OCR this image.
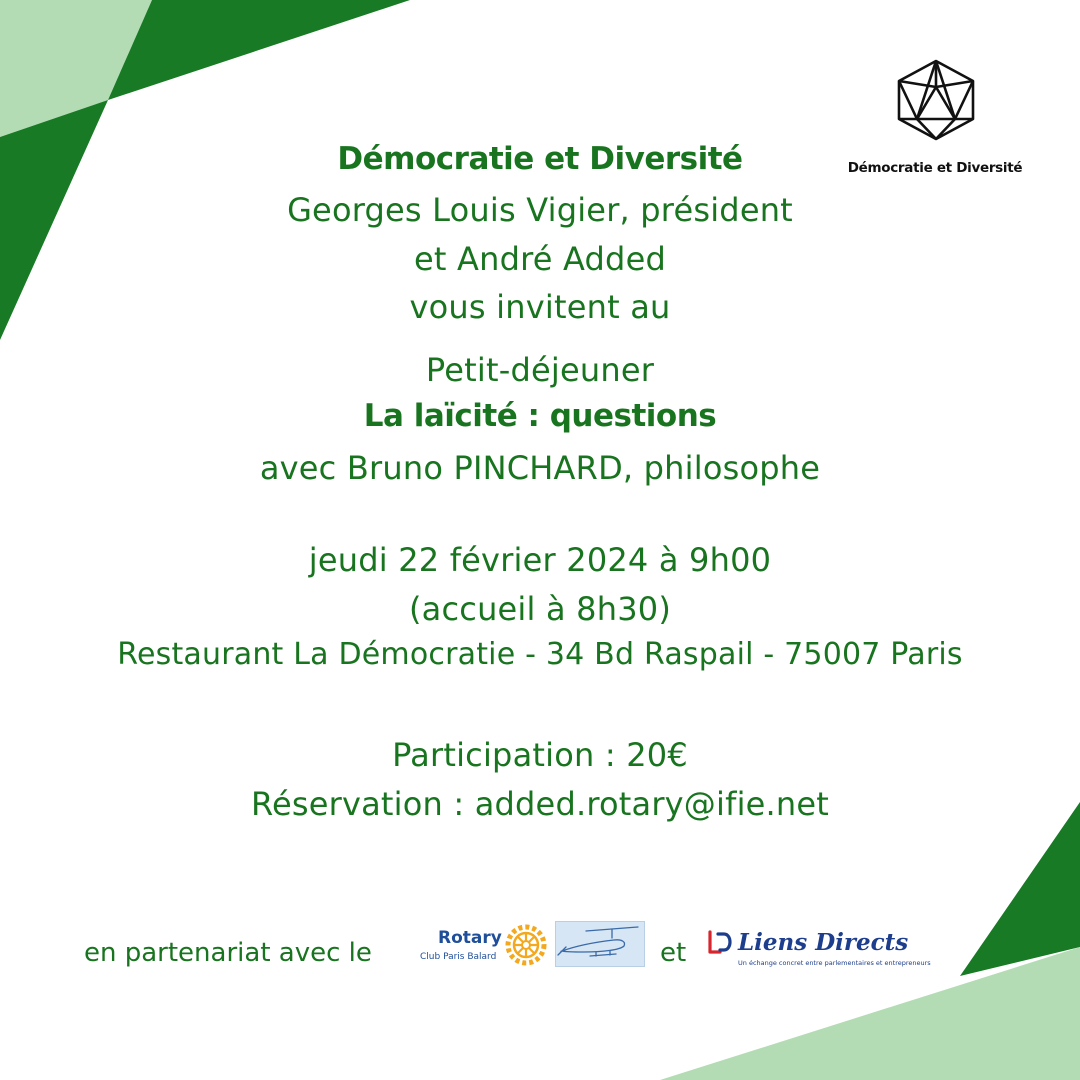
Démocratie et Diversité
Démocratie et Diversité
Georges Louis Vigier, président
et André Added
vous invitent au
Petit-déjeuner
La laïcité : questions
avec Bruno PINCHARD, philosophe
jeudi 22 février 2024 à 9h00
(accueil à 8h30)
Restaurant La Démocratie - 34 Bd Raspail - 75007 Paris
Participation : 20€
Réservation : added.rotary@ifie.net
en partenariat avec le	Rotary
Club Paris Balard	et Liens Directs
Un échange concret entre parlementaires et entrepreneurs
